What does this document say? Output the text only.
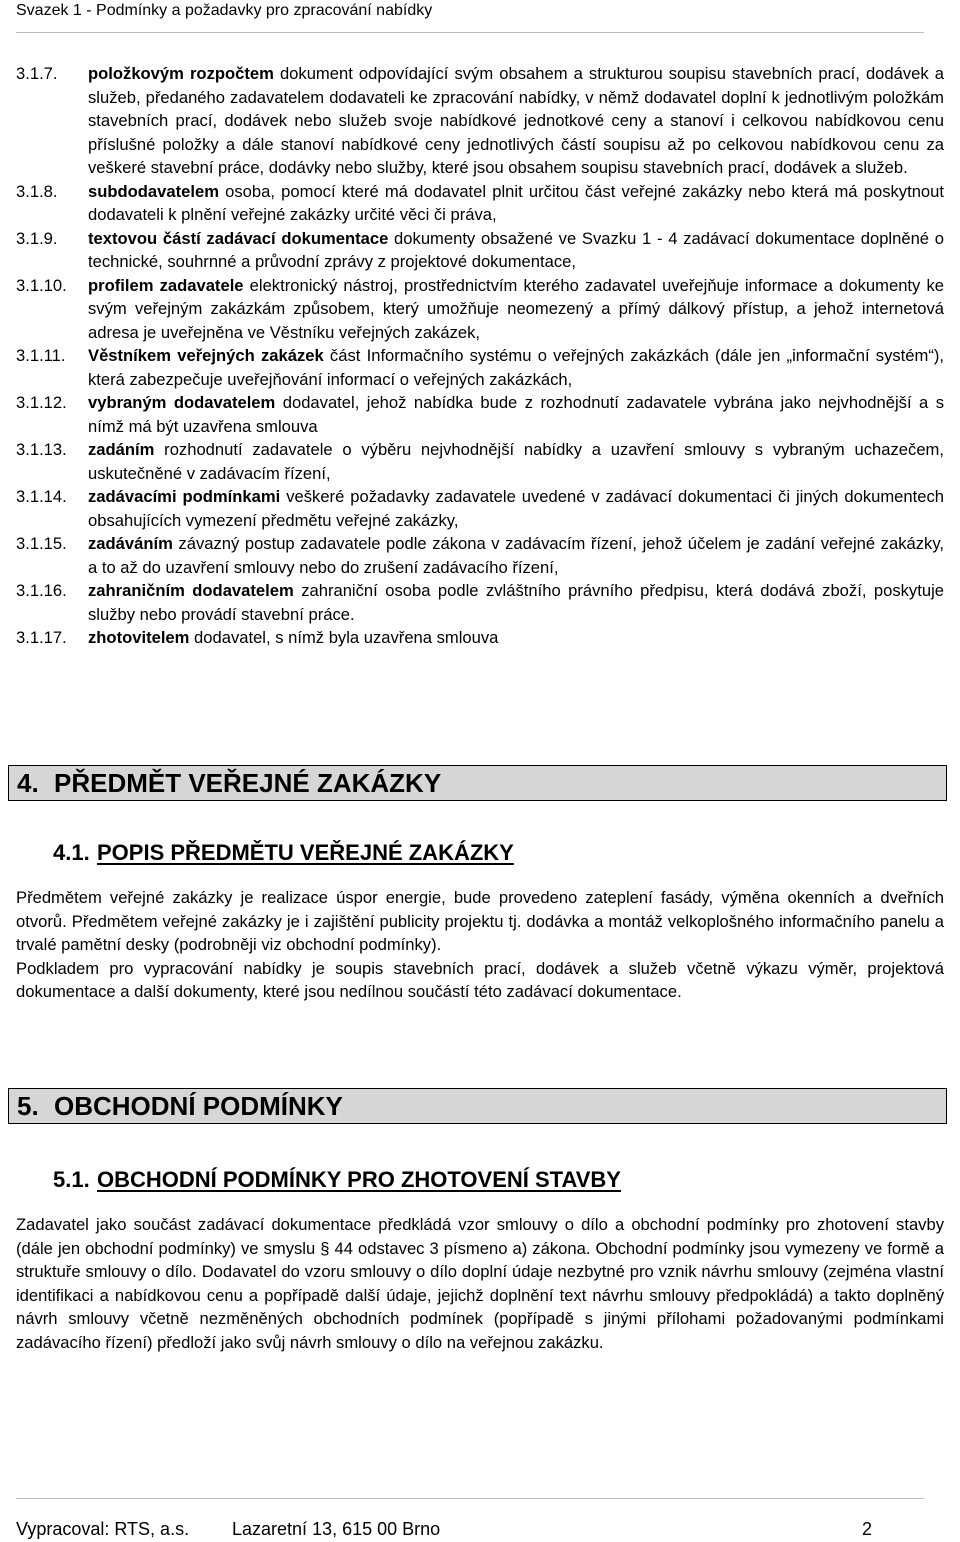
Svazek 1 - Podmínky a požadavky pro zpracování nabídky
3.1.7.	položkovým rozpočtem dokument odpovídající svým obsahem a strukturou soupisu stavebních prací, dodávek a služeb, předaného zadavatelem dodavateli ke zpracování nabídky, v němž dodavatel doplní k jednotlivým položkám stavebních prací, dodávek nebo služeb svoje nabídkové jednotkové ceny a stanoví i celkovou nabídkovou cenu příslušné položky a dále stanoví nabídkové ceny jednotlivých částí soupisu až po celkovou nabídkovou cenu za veškeré stavební práce, dodávky nebo služby, které jsou obsahem soupisu stavebních prací, dodávek a služeb.
3.1.8.	subdodavatelem osoba, pomocí které má dodavatel plnit určitou část veřejné zakázky nebo která má poskytnout dodavateli k plnění veřejné zakázky určité věci či práva,
3.1.9.	textovou částí zadávací dokumentace dokumenty obsažené ve Svazku 1 - 4 zadávací dokumentace doplněné o technické, souhrnné a průvodní zprávy z projektové dokumentace,
3.1.10.	profilem zadavatele elektronický nástroj, prostřednictvím kterého zadavatel uveřejňuje informace a dokumenty ke svým veřejným zakázkám způsobem, který umožňuje neomezený a přímý dálkový přístup, a jehož internetová adresa je uveřejněna ve Věstníku veřejných zakázek,
3.1.11.	Věstníkem veřejných zakázek část Informačního systému o veřejných zakázkách (dále jen „informační systém“), která zabezpečuje uveřejňování informací o veřejných zakázkách,
3.1.12.	vybraným dodavatelem dodavatel, jehož nabídka bude z rozhodnutí zadavatele vybrána jako nejvhodnější a s nímž má být uzavřena smlouva
3.1.13.	zadáním rozhodnutí zadavatele o výběru nejvhodnější nabídky a uzavření smlouvy s vybraným uchazečem, uskutečněné v zadávacím řízení,
3.1.14.	zadávacími podmínkami veškeré požadavky zadavatele uvedené v zadávací dokumentaci či jiných dokumentech obsahujících vymezení předmětu veřejné zakázky,
3.1.15.	zadáváním závazný postup zadavatele podle zákona v zadávacím řízení, jehož účelem je zadání veřejné zakázky, a to až do uzavření smlouvy nebo do zrušení zadávacího řízení,
3.1.16.	zahraničním dodavatelem zahraniční osoba podle zvláštního právního předpisu, která dodává zboží, poskytuje služby nebo provádí stavební práce.
3.1.17.	zhotovitelem dodavatel, s nímž byla uzavřena smlouva
4. PŘEDMĚT VEŘEJNÉ ZAKÁZKY
4.1. POPIS PŘEDMĚTU VEŘEJNÉ ZAKÁZKY

Předmětem veřejné zakázky je realizace úspor energie, bude provedeno zateplení fasády, výměna okenních a dveřních otvorů. Předmětem veřejné zakázky je i zajištění publicity projektu tj. dodávka a montáž velkoplošného informačního panelu a trvalé pamětní desky (podrobněji viz obchodní podmínky).

Podkladem pro vypracování nabídky je soupis stavebních prací, dodávek a služeb včetně výkazu výměr, projektová dokumentace a další dokumenty, které jsou nedílnou součástí této zadávací dokumentace.

5. OBCHODNÍ PODMÍNKY
5.1. OBCHODNÍ PODMÍNKY PRO ZHOTOVENÍ STAVBY

Zadavatel jako součást zadávací dokumentace předkládá vzor smlouvy o dílo a obchodní podmínky pro zhotovení stavby (dále jen obchodní podmínky) ve smyslu § 44 odstavec 3 písmeno a) zákona. Obchodní podmínky jsou vymezeny ve formě a struktuře smlouvy o dílo. Dodavatel do vzoru smlouvy o dílo doplní údaje nezbytné pro vznik návrhu smlouvy (zejména vlastní identifikaci a nabídkovou cenu a popřípadě další údaje, jejichž doplnění text návrhu smlouvy předpokládá) a takto doplněný návrh smlouvy včetně nezměněných obchodních podmínek (popřípadě s jinými přílohami požadovanými podmínkami zadávacího řízení) předloží jako svůj návrh smlouvy o dílo na veřejnou zakázku.

Vypracoval: RTS, a.s. Lazaretní 13, 615 00 Brno	2
